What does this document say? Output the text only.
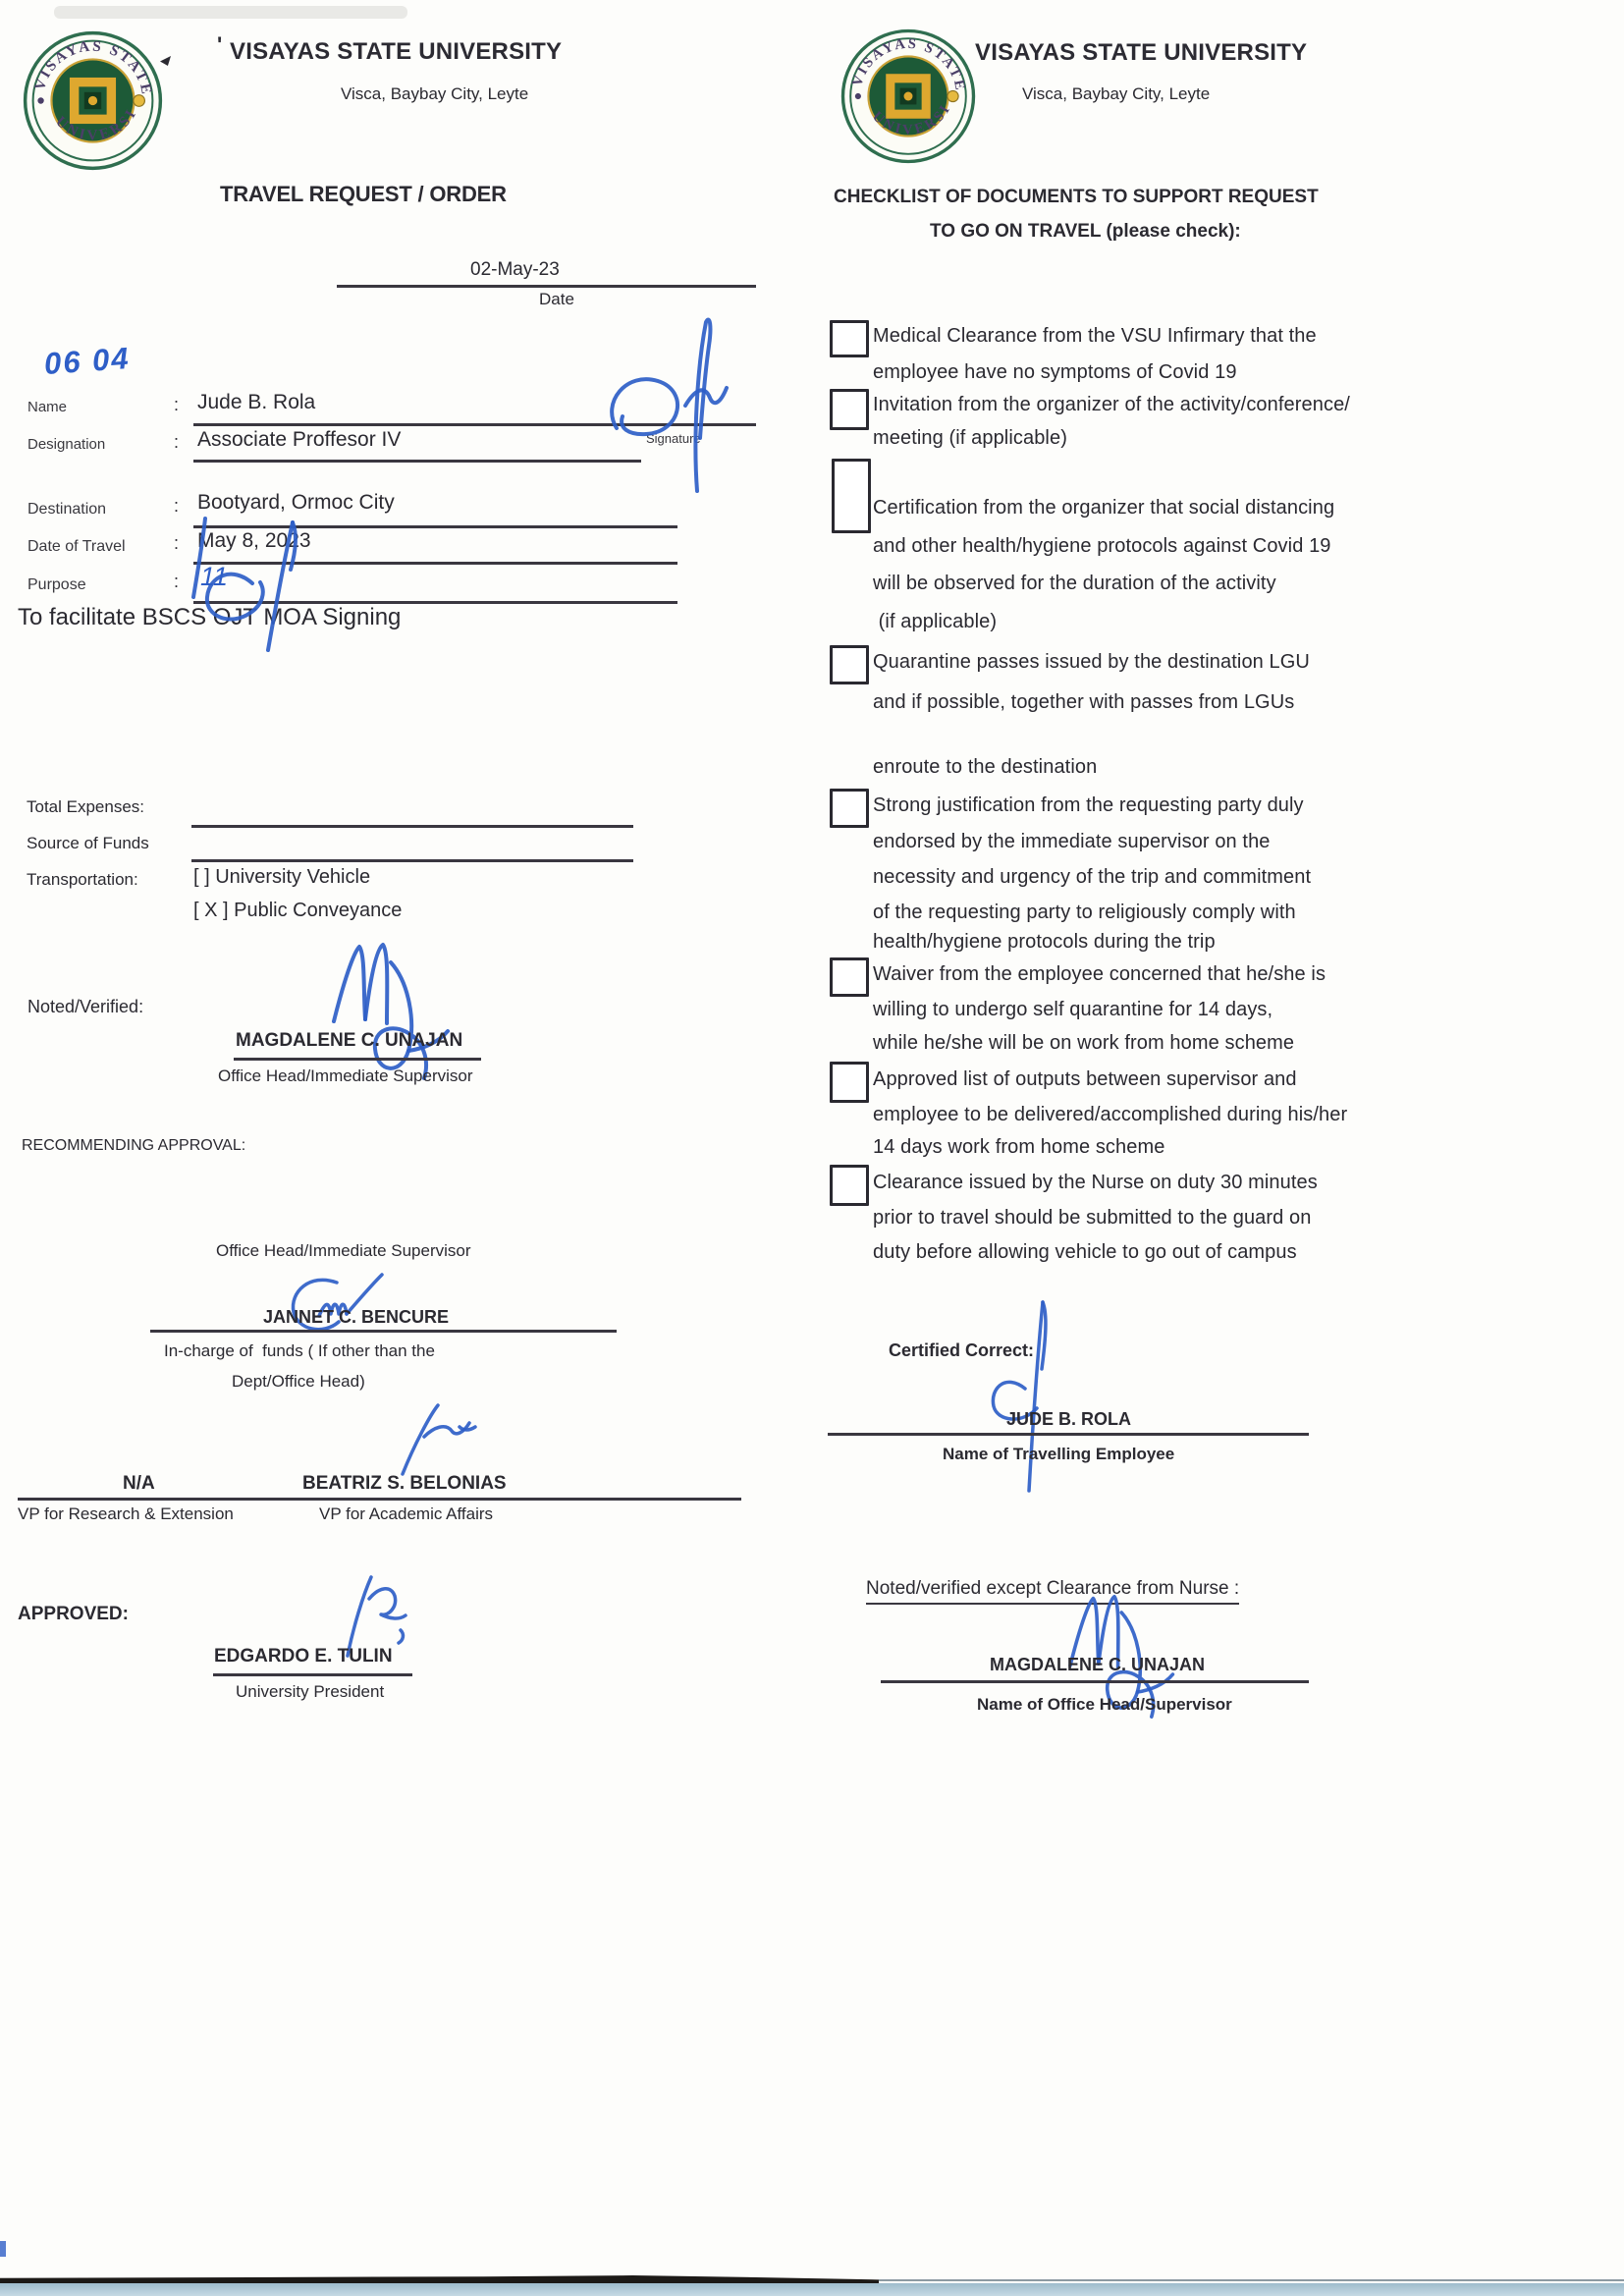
' VISAYAS STATE UNIVERSITY
Visca, Baybay City, Leyte
TRAVEL REQUEST / ORDER
02-May-23
Date
06 04
Name	: Jude B. Rola
Designation	: Associate Proffesor IV	Signature
Destination	: Bootyard, Ormoc City
Date of Travel	: May 8, 2023
Purpose	: 11
To facilitate BSCS OJT MOA Signing
Total Expenses:
Source of Funds
Transportation:	[ ] University Vehicle
[ X ] Public Conveyance
Noted/Verified:
MAGDALENE C. UNAJAN
Office Head/Immediate Supervisor
RECOMMENDING APPROVAL:
Office Head/Immediate Supervisor
JANNET C. BENCURE
In-charge of  funds ( If other than the
Dept/Office Head)
N/A	BEATRIZ S. BELONIAS
VP for Research & Extension	VP for Academic Affairs
APPROVED:
EDGARDO E. TULIN
University President
VISAYAS STATE UNIVERSITY
Visca, Baybay City, Leyte
CHECKLIST OF DOCUMENTS TO SUPPORT REQUEST
TO GO ON TRAVEL (please check):
Medical Clearance from the VSU Infirmary that the
employee have no symptoms of Covid 19
Invitation from the organizer of the activity/conference/
meeting (if applicable)
Certification from the organizer that social distancing
and other health/hygiene protocols against Covid 19
will be observed for the duration of the activity
(if applicable)
Quarantine passes issued by the destination LGU
and if possible, together with passes from LGUs
enroute to the destination
Strong justification from the requesting party duly
endorsed by the immediate supervisor on the
necessity and urgency of the trip and commitment
of the requesting party to religiously comply with
health/hygiene protocols during the trip
Waiver from the employee concerned that he/she is
willing to undergo self quarantine for 14 days,
while he/she will be on work from home scheme
Approved list of outputs between supervisor and
employee to be delivered/accomplished during his/her
14 days work from home scheme
Clearance issued by the Nurse on duty 30 minutes
prior to travel should be submitted to the guard on
duty before allowing vehicle to go out of campus
Certified Correct:
JUDE B. ROLA
Name of Travelling Employee
Noted/verified except Clearance from Nurse :
MAGDALENE C. UNAJAN
Name of Office Head/Supervisor
